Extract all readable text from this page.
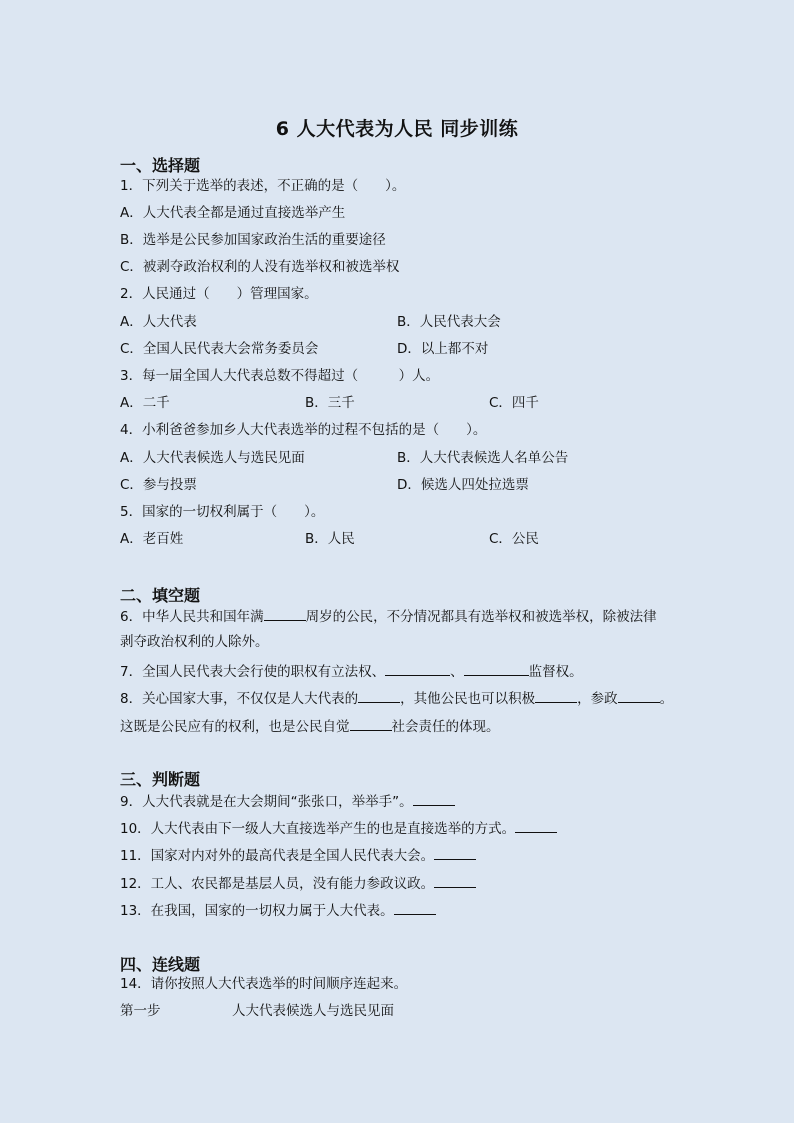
6 人大代表为人民 同步训练
一、选择题
1．下列关于选举的表述，不正确的是（　　）。
A．人大代表全都是通过直接选举产生
B．选举是公民参加国家政治生活的重要途径
C．被剥夺政治权利的人没有选举权和被选举权
2．人民通过（　　）管理国家。
A．人大代表	B．人民代表大会
C．全国人民代表大会常务委员会	D．以上都不对
3．每一届全国人大代表总数不得超过（　　　）人。
A．二千	B．三千	C．四千
4．小利爸爸参加乡人大代表选举的过程不包括的是（　　）。
A．人大代表候选人与选民见面	B．人大代表候选人名单公告
C．参与投票	D．候选人四处拉选票
5．国家的一切权利属于（　　）。
A．老百姓	B．人民	C．公民
二、填空题
6．中华人民共和国年满	周岁的公民，不分情况都具有选举权和被选举权，除被法律
剥夺政治权利的人除外。
7．全国人民代表大会行使的职权有立法权、	、	监督权。
8．关心国家大事，不仅仅是人大代表的	，其他公民也可以积极	，参政	。
这既是公民应有的权利，也是公民自觉	社会责任的体现。
三、判断题
9．人大代表就是在大会期间“张张口，举举手”。
10．人大代表由下一级人大直接选举产生的也是直接选举的方式。
11．国家对内对外的最高代表是全国人民代表大会。
12．工人、农民都是基层人员，没有能力参政议政。
13．在我国，国家的一切权力属于人大代表。
四、连线题
14．请你按照人大代表选举的时间顺序连起来。
第一步	人大代表候选人与选民见面
